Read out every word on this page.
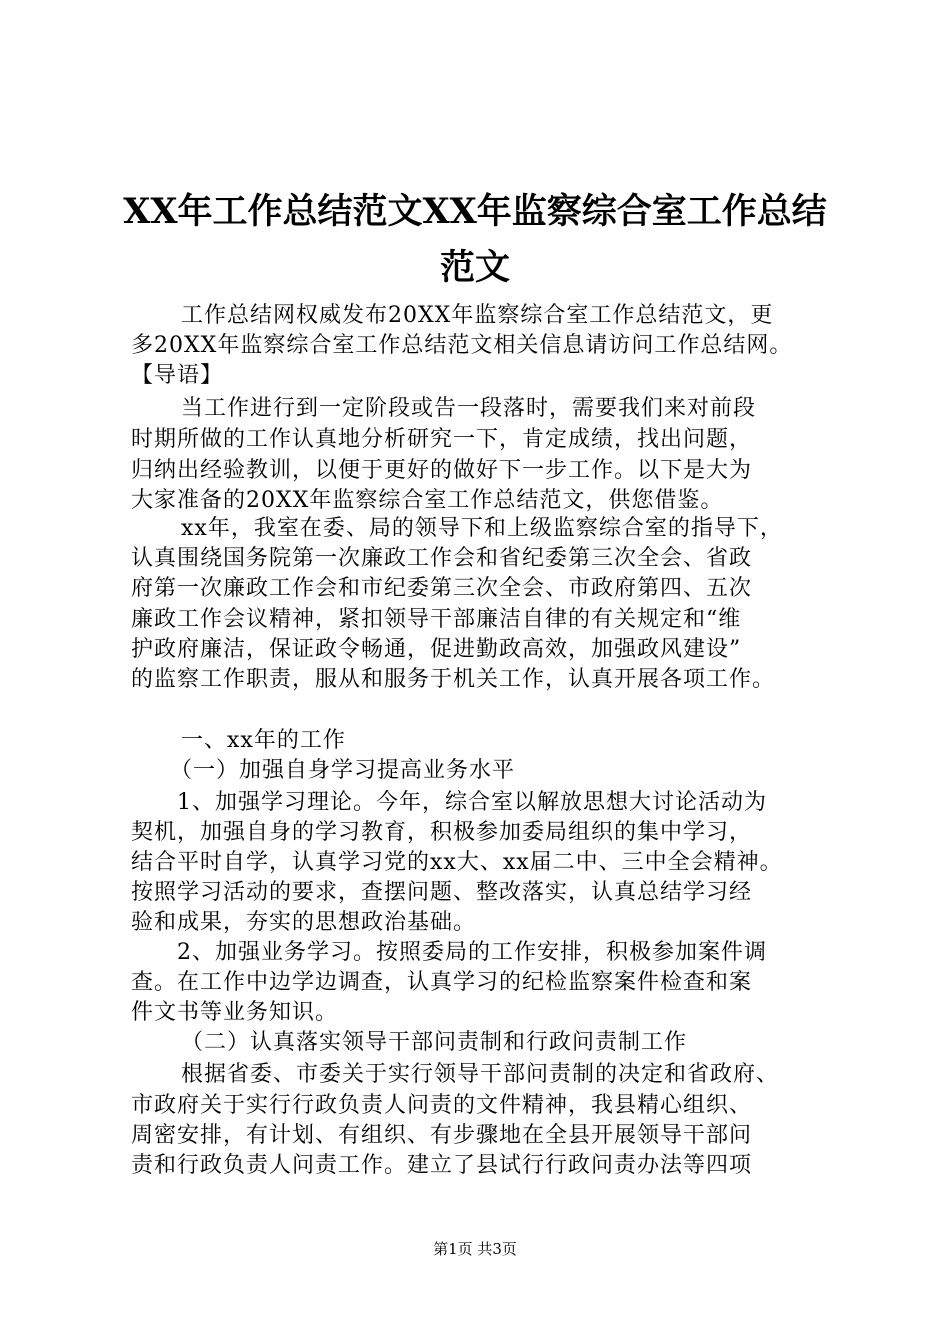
XX年工作总结范文XX年监察综合室工作总结
范文
工作总结网权威发布20XX年监察综合室工作总结范文，更
多20XX年监察综合室工作总结范文相关信息请访问工作总结网。
【导语】
当工作进行到一定阶段或告一段落时，需要我们来对前段
时期所做的工作认真地分析研究一下，肯定成绩，找出问题，
归纳出经验教训，以便于更好的做好下一步工作。以下是大为
大家准备的20XX年监察综合室工作总结范文，供您借鉴。
xx年，我室在委、局的领导下和上级监察综合室的指导下，
认真围绕国务院第一次廉政工作会和省纪委第三次全会、省政
府第一次廉政工作会和市纪委第三次全会、市政府第四、五次
廉政工作会议精神，紧扣领导干部廉洁自律的有关规定和“维
护政府廉洁，保证政令畅通，促进勤政高效，加强政风建设”
的监察工作职责，服从和服务于机关工作，认真开展各项工作。
一、xx年的工作
（一）加强自身学习提高业务水平
1、加强学习理论。今年，综合室以解放思想大讨论活动为
契机，加强自身的学习教育，积极参加委局组织的集中学习，
结合平时自学，认真学习党的xx大、xx届二中、三中全会精神。
按照学习活动的要求，查摆问题、整改落实，认真总结学习经
验和成果，夯实的思想政治基础。
2、加强业务学习。按照委局的工作安排，积极参加案件调
查。在工作中边学边调查，认真学习的纪检监察案件检查和案
件文书等业务知识。
（二）认真落实领导干部问责制和行政问责制工作
根据省委、市委关于实行领导干部问责制的决定和省政府、
市政府关于实行行政负责人问责的文件精神，我县精心组织、
周密安排，有计划、有组织、有步骤地在全县开展领导干部问
责和行政负责人问责工作。建立了县试行行政问责办法等四项
第1页 共3页
